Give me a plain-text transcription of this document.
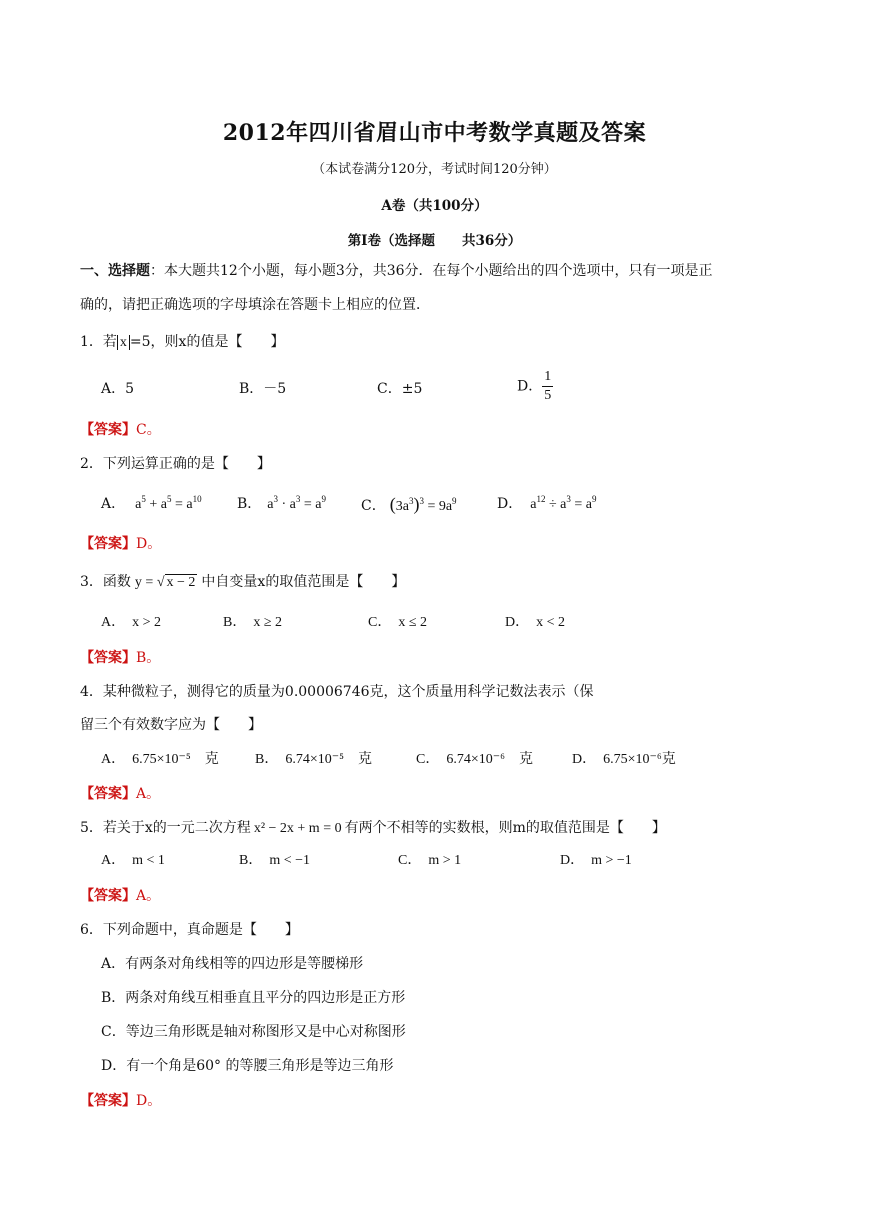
2012年四川省眉山市中考数学真题及答案
（本试卷满分120分，考试时间120分钟）
A卷（共100分）
第Ⅰ卷（选择题　　共36分）
一、选择题：本大题共12个小题，每小题3分，共36分．在每个小题给出的四个选项中，只有一项是正
确的，请把正确选项的字母填涂在答题卡上相应的位置．
1．若 x =5，则x的值是【　　】
A．5	B．－5	C．±5	D． $\frac{1}{5}$
【答案】C。
2．下列运算正确的是【　　】
A． $a^5 + a^5 = a^{10}$	B． $a^3 \cdot a^3 = a^9$ C． $(3a^3)^3 = 9a^9$	D． $a^{12} \div a^3 = a^9$
【答案】D。
3．函数 y = √ x − 2 中自变量x的取值范围是【　　】
A．　x > 2	B．　x ≥ 2	C．　x ≤ 2	D．　x < 2
【答案】B。
4．某种微粒子，测得它的质量为0.00006746克，这个质量用科学记数法表示（保
留三个有效数字应为【　　】
A．　6.75×10⁻⁵　克	B．　6.74×10⁻⁵　克	C．　6.74×10⁻⁶　克	D．　6.75×10⁻⁶克
【答案】A。
5．若关于x的一元二次方程 x² − 2x + m = 0 有两个不相等的实数根，则m的取值范围是【　　】
A．　m < 1	B．　m < −1	C．　m > 1	D．　m > −1
【答案】A。
6．下列命题中，真命题是【　　】
A．有两条对角线相等的四边形是等腰梯形
B．两条对角线互相垂直且平分的四边形是正方形
C．等边三角形既是轴对称图形又是中心对称图形
D．有一个角是60° 的等腰三角形是等边三角形
【答案】D。
